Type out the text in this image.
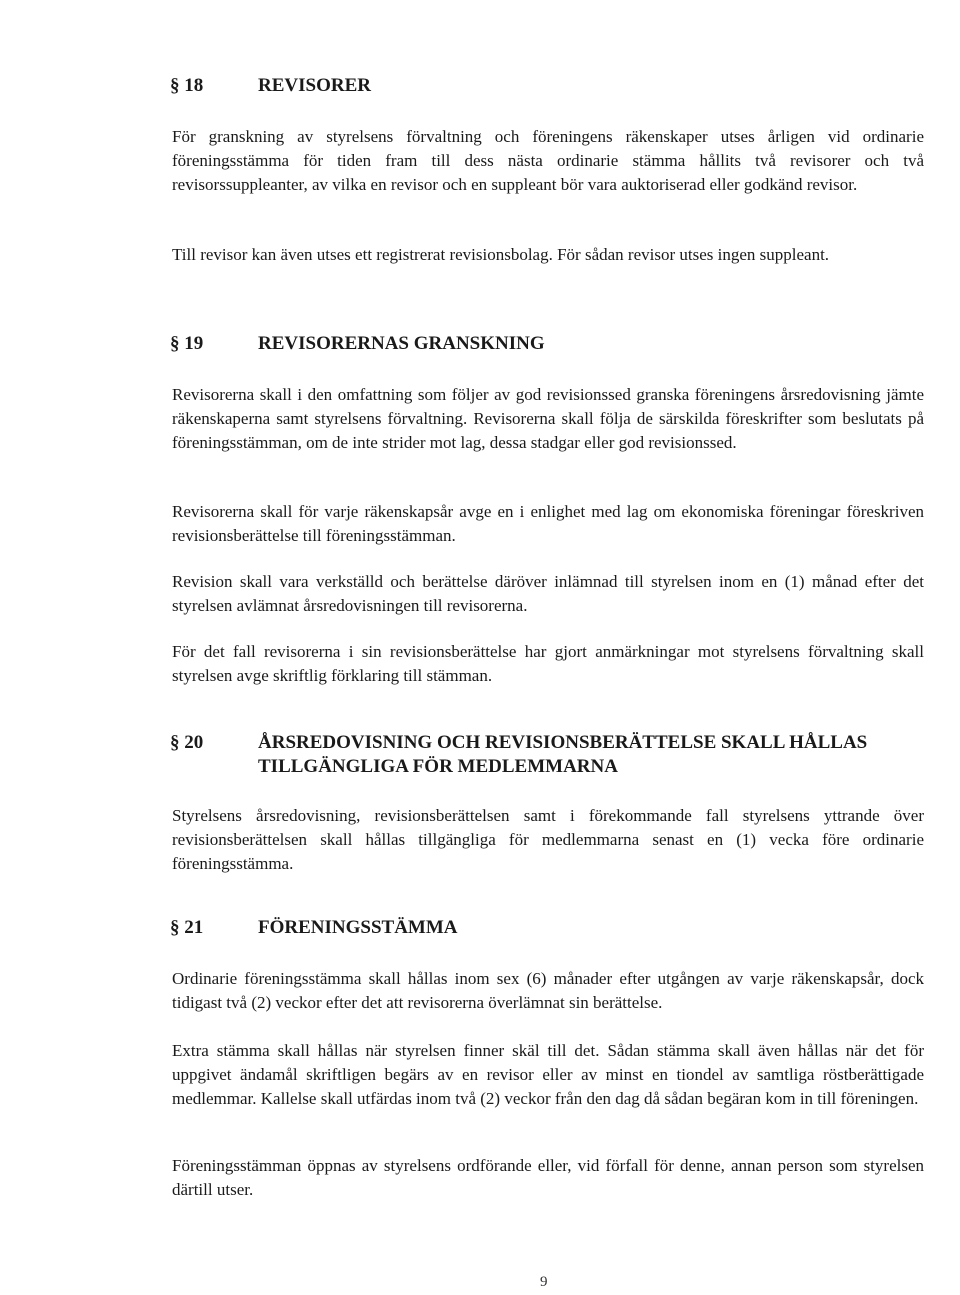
§ 18	REVISORER
För granskning av styrelsens förvaltning och föreningens räkenskaper utses årligen vid ordinarie föreningsstämma för tiden fram till dess nästa ordinarie stämma hållits två revisorer och två revisorssuppleanter, av vilka en revisor och en suppleant bör vara auktoriserad eller godkänd revisor.
Till revisor kan även utses ett registrerat revisionsbolag. För sådan revisor utses ingen suppleant.
§ 19	REVISORERNAS GRANSKNING
Revisorerna skall i den omfattning som följer av god revisionssed granska föreningens årsredovisning jämte räkenskaperna samt styrelsens förvaltning. Revisorerna skall följa de särskilda föreskrifter som beslutats på föreningsstämman, om de inte strider mot lag, dessa stadgar eller god revisionssed.
Revisorerna skall för varje räkenskapsår avge en i enlighet med lag om ekonomiska föreningar föreskriven revisionsberättelse till föreningsstämman.
Revision skall vara verkställd och berättelse däröver inlämnad till styrelsen inom en (1) månad efter det styrelsen avlämnat årsredovisningen till revisorerna.
För det fall revisorerna i sin revisionsberättelse har gjort anmärkningar mot styrelsens förvaltning skall styrelsen avge skriftlig förklaring till stämman.
§ 20	ÅRSREDOVISNING OCH REVISIONSBERÄTTELSE SKALL HÅLLAS TILLGÄNGLIGA FÖR MEDLEMMARNA
Styrelsens årsredovisning, revisionsberättelsen samt i förekommande fall styrelsens yttrande över revisionsberättelsen skall hållas tillgängliga för medlemmarna senast en (1) vecka före ordinarie föreningsstämma.
§ 21	FÖRENINGSSTÄMMA
Ordinarie föreningsstämma skall hållas inom sex (6) månader efter utgången av varje räkenskapsår, dock tidigast två (2) veckor efter det att revisorerna överlämnat sin berättelse.
Extra stämma skall hållas när styrelsen finner skäl till det. Sådan stämma skall även hållas när det för uppgivet ändamål skriftligen begärs av en revisor eller av minst en tiondel av samtliga röstberättigade medlemmar. Kallelse skall utfärdas inom två (2) veckor från den dag då sådan begäran kom in till föreningen.
Föreningsstämman öppnas av styrelsens ordförande eller, vid förfall för denne, annan person som styrelsen därtill utser.
9
